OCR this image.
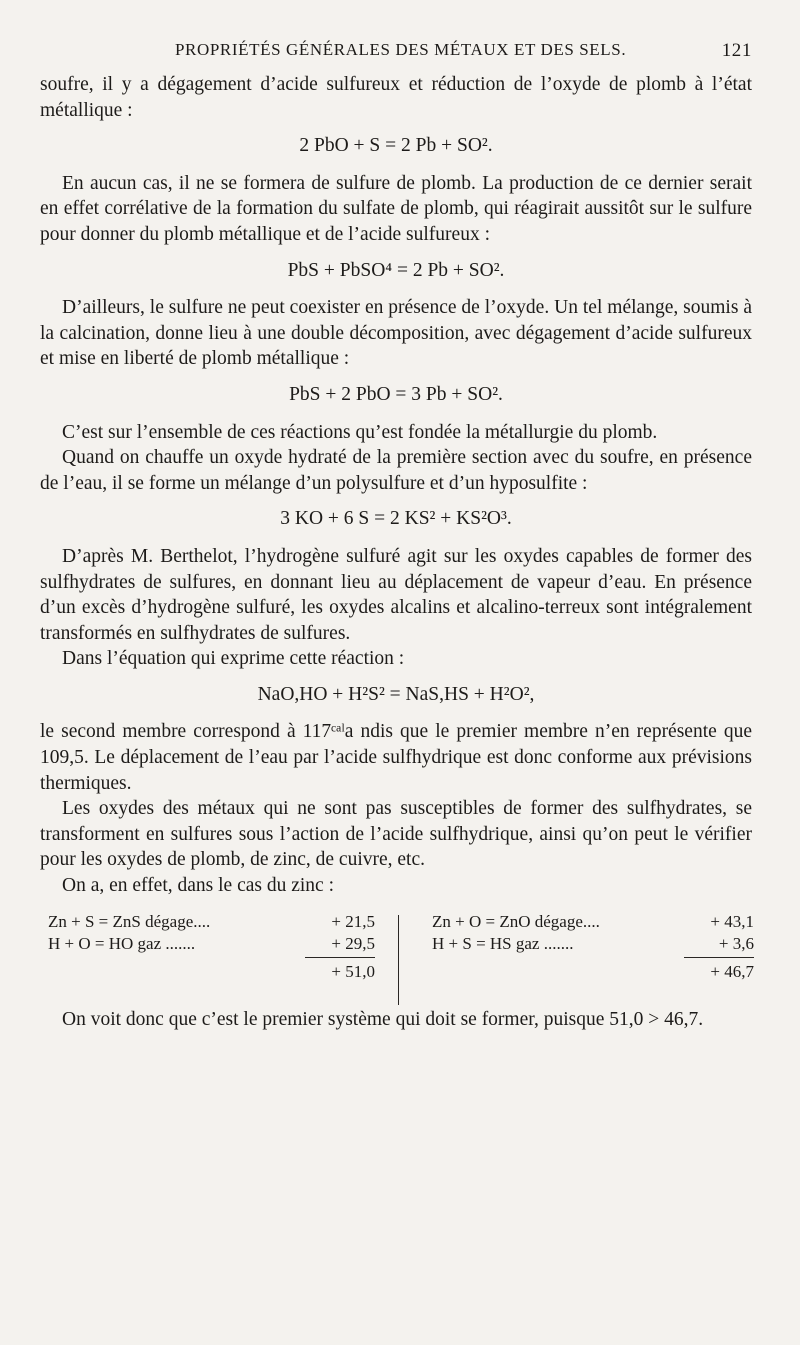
PROPRIÉTÉS GÉNÉRALES DES MÉTAUX ET DES SELS.	121

soufre, il y a dégagement d’acide sulfureux et réduction de l’oxyde de plomb à l’état métallique :

2 PbO + S = 2 Pb + SO².

En aucun cas, il ne se formera de sulfure de plomb. La production de ce dernier serait en effet corrélative de la formation du sulfate de plomb, qui réagirait aussitôt sur le sulfure pour donner du plomb métallique et de l’acide sulfureux :

PbS + PbSO⁴ = 2 Pb + SO².

D’ailleurs, le sulfure ne peut coexister en présence de l’oxyde. Un tel mélange, soumis à la calcination, donne lieu à une double décomposition, avec dégagement d’acide sulfureux et mise en liberté de plomb métallique :

PbS + 2 PbO = 3 Pb + SO².

C’est sur l’ensemble de ces réactions qu’est fondée la métallurgie du plomb.

Quand on chauffe un oxyde hydraté de la première section avec du soufre, en présence de l’eau, il se forme un mélange d’un polysulfure et d’un hyposulfite :

3 KO + 6 S = 2 KS² + KS²O³.

D’après M. Berthelot, l’hydrogène sulfuré agit sur les oxydes capables de former des sulfhydrates de sulfures, en donnant lieu au déplacement de vapeur d’eau. En présence d’un excès d’hydrogène sulfuré, les oxydes alcalins et alcalino-terreux sont intégralement transformés en sulfhydrates de sulfures.

Dans l’équation qui exprime cette réaction :

NaO,HO + H²S² = NaS,HS + H²O²,

le second membre correspond à 117ᶜᵃˡa ndis que le premier membre n’en représente que 109,5. Le déplacement de l’eau par l’acide sulfhydrique est donc conforme aux prévisions thermiques.

Les oxydes des métaux qui ne sont pas susceptibles de former des sulfhydrates, se transforment en sulfures sous l’action de l’acide sulfhydrique, ainsi qu’on peut le vérifier pour les oxydes de plomb, de zinc, de cuivre, etc.

On a, en effet, dans le cas du zinc :

Zn + S = ZnS dégage....	+ 21,5
H + O = HO gaz .......	+ 29,5
+ 51,0
Zn + O = ZnO dégage....	+ 43,1
H + S = HS gaz .......	+ 3,6
+ 46,7

On voit donc que c’est le premier système qui doit se former, puisque 51,0 > 46,7.
